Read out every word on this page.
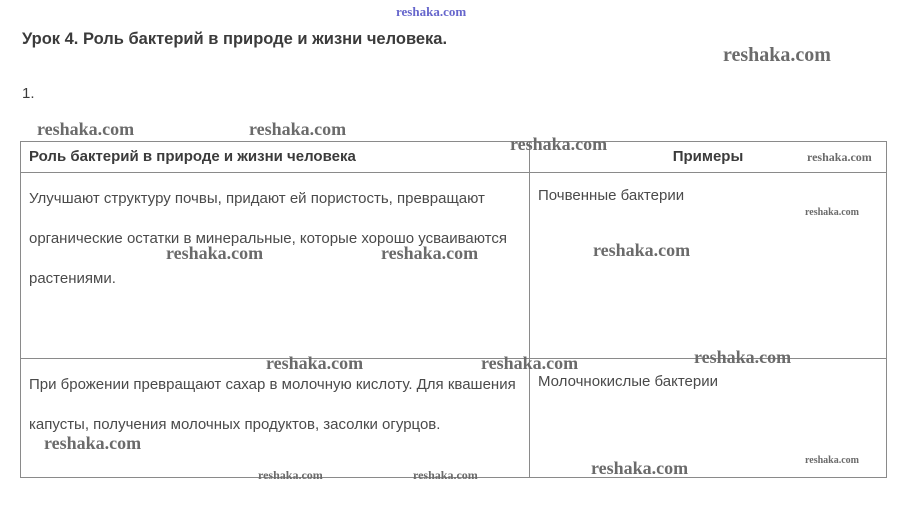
Урок 4. Роль бактерий в природе и жизни человека.
1.
Роль бактерий в природе и жизни человека	Примеры

Улучшают структуру почвы, придают ей пористость, превращают органические остатки в минеральные, которые хорошо усваиваются растениями.	Почвенные бактерии

При брожении превращают сахар в молочную кислоту. Для квашения капусты, получения молочных продуктов, засолки огурцов.	Молочнокислые бактерии
reshaka.com
reshaka.com
reshaka.com	reshaka.com
reshaka.com
reshaka.com
reshaka.com
reshaka.com
reshaka.com	reshaka.com
reshaka.com	reshaka.com	reshaka.com
reshaka.com
reshaka.com	reshaka.com
reshaka.com	reshaka.com
